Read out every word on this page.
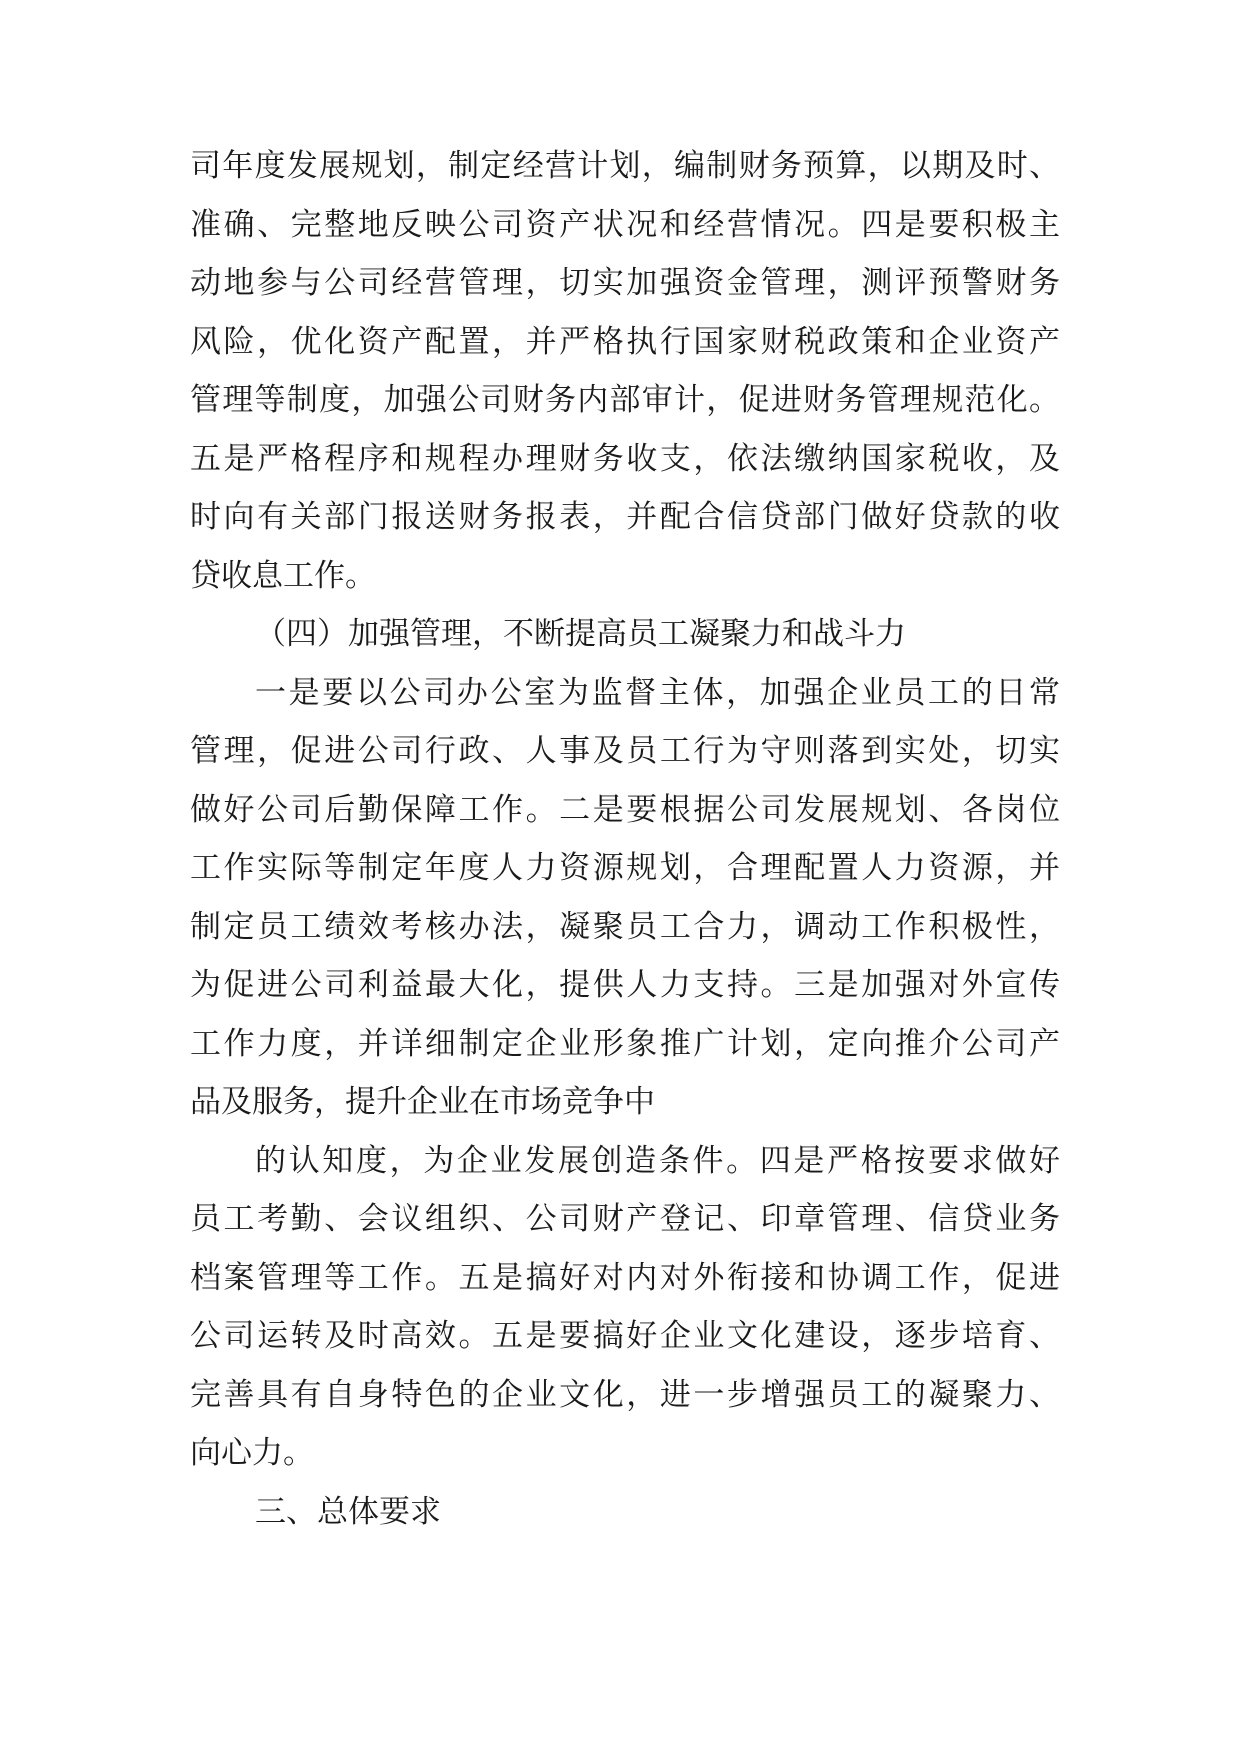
司年度发展规划，制定经营计划，编制财务预算，以期及时、
准确、完整地反映公司资产状况和经营情况。四是要积极主
动地参与公司经营管理，切实加强资金管理，测评预警财务
风险，优化资产配置，并严格执行国家财税政策和企业资产
管理等制度，加强公司财务内部审计，促进财务管理规范化。
五是严格程序和规程办理财务收支，依法缴纳国家税收，及
时向有关部门报送财务报表，并配合信贷部门做好贷款的收
贷收息工作。
（四）加强管理，不断提高员工凝聚力和战斗力
一是要以公司办公室为监督主体，加强企业员工的日常
管理，促进公司行政、人事及员工行为守则落到实处，切实
做好公司后勤保障工作。二是要根据公司发展规划、各岗位
工作实际等制定年度人力资源规划，合理配置人力资源，并
制定员工绩效考核办法，凝聚员工合力，调动工作积极性，
为促进公司利益最大化，提供人力支持。三是加强对外宣传
工作力度，并详细制定企业形象推广计划，定向推介公司产
品及服务，提升企业在市场竞争中
的认知度，为企业发展创造条件。四是严格按要求做好
员工考勤、会议组织、公司财产登记、印章管理、信贷业务
档案管理等工作。五是搞好对内对外衔接和协调工作，促进
公司运转及时高效。五是要搞好企业文化建设，逐步培育、
完善具有自身特色的企业文化，进一步增强员工的凝聚力、
向心力。
三、总体要求
